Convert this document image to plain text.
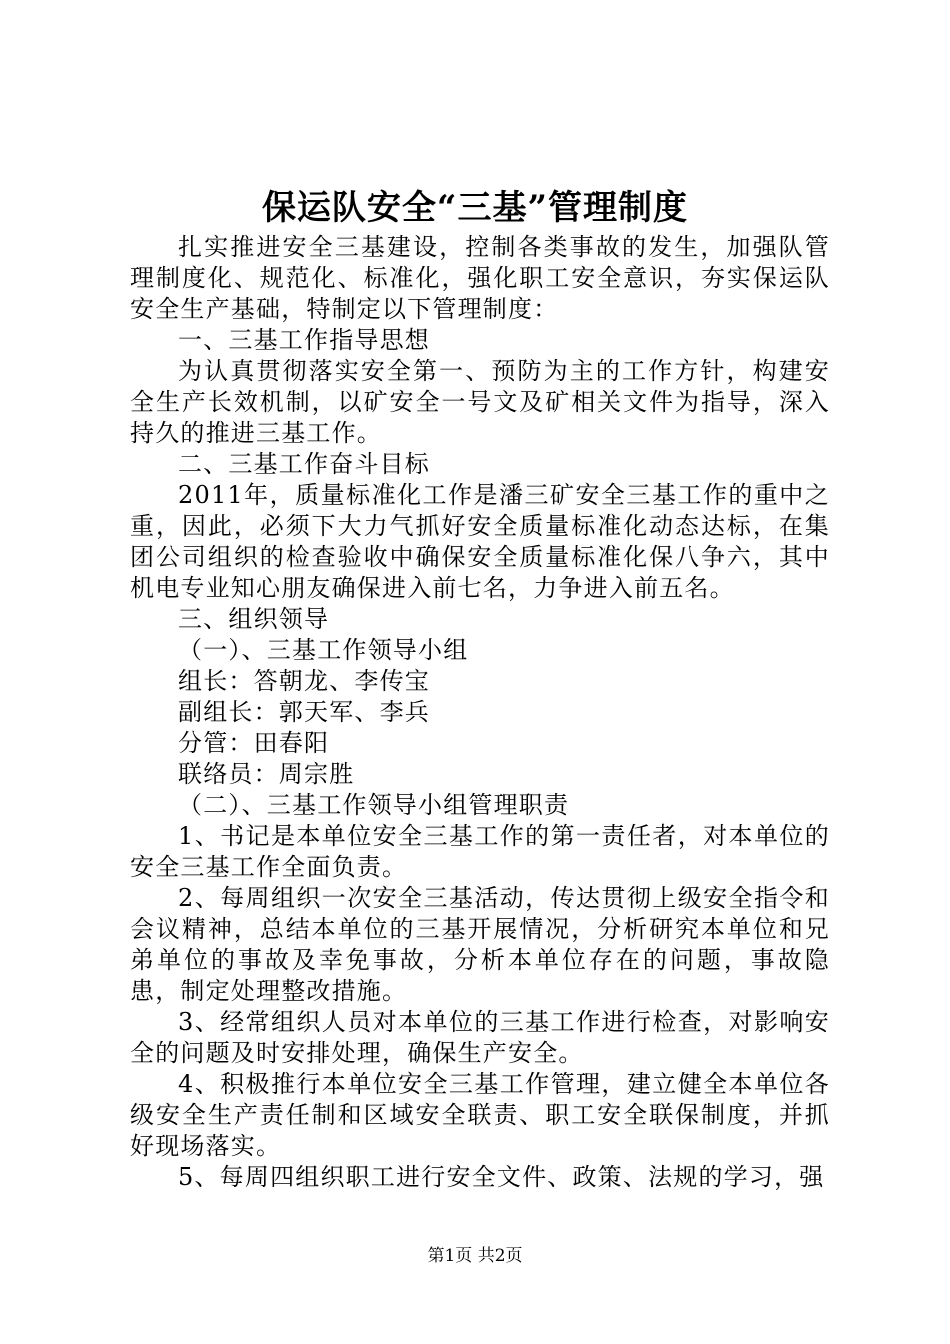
保运队安全“三基”管理制度

扎实推进安全三基建设，控制各类事故的发生，加强队管理制度化、规范化、标准化，强化职工安全意识，夯实保运队安全生产基础，特制定以下管理制度：

一、三基工作指导思想

为认真贯彻落实安全第一、预防为主的工作方针，构建安全生产长效机制，以矿安全一号文及矿相关文件为指导，深入持久的推进三基工作。

二、三基工作奋斗目标

2011年，质量标准化工作是潘三矿安全三基工作的重中之重，因此，必须下大力气抓好安全质量标准化动态达标，在集团公司组织的检查验收中确保安全质量标准化保八争六，其中机电专业知心朋友确保进入前七名，力争进入前五名。

三、组织领导

（一）、三基工作领导小组

组长：答朝龙、李传宝

副组长：郭天军、李兵

分管：田春阳

联络员：周宗胜

（二）、三基工作领导小组管理职责

1、书记是本单位安全三基工作的第一责任者，对本单位的安全三基工作全面负责。

2、每周组织一次安全三基活动，传达贯彻上级安全指令和会议精神，总结本单位的三基开展情况，分析研究本单位和兄弟单位的事故及幸免事故，分析本单位存在的问题，事故隐患，制定处理整改措施。

3、经常组织人员对本单位的三基工作进行检查，对影响安全的问题及时安排处理，确保生产安全。

4、积极推行本单位安全三基工作管理，建立健全本单位各级安全生产责任制和区域安全联责、职工安全联保制度，并抓好现场落实。

5、每周四组织职工进行安全文件、政策、法规的学习，强

第1页 共2页
